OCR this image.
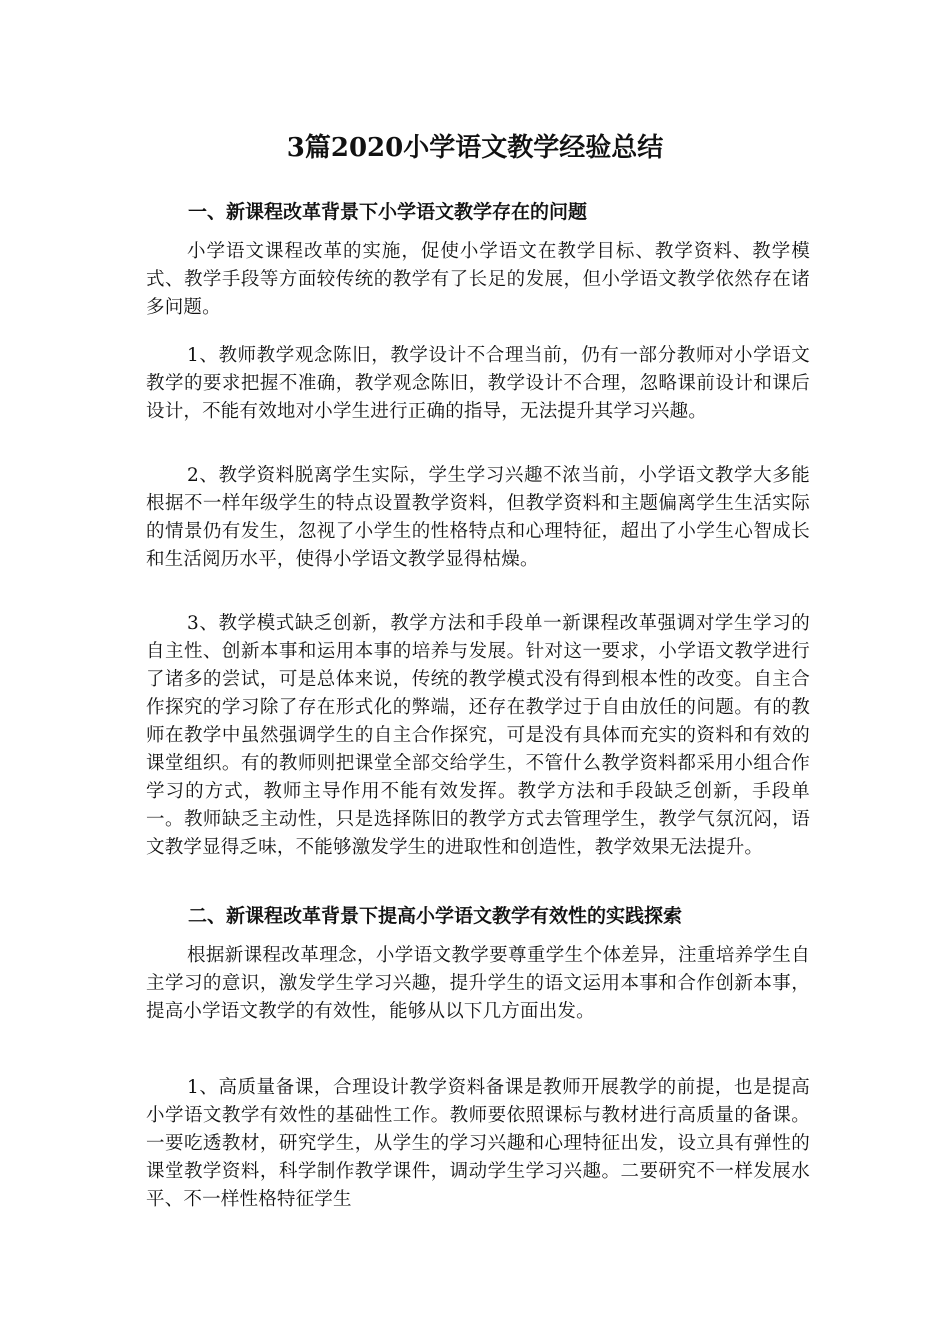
3篇2020小学语文教学经验总结
一、新课程改革背景下小学语文教学存在的问题

小学语文课程改革的实施，促使小学语文在教学目标、教学资料、教学模式、教学手段等方面较传统的教学有了长足的发展，但小学语文教学依然存在诸多问题。

1、教师教学观念陈旧，教学设计不合理当前，仍有一部分教师对小学语文教学的要求把握不准确，教学观念陈旧，教学设计不合理，忽略课前设计和课后设计，不能有效地对小学生进行正确的指导，无法提升其学习兴趣。

2、教学资料脱离学生实际，学生学习兴趣不浓当前，小学语文教学大多能根据不一样年级学生的特点设置教学资料，但教学资料和主题偏离学生生活实际的情景仍有发生，忽视了小学生的性格特点和心理特征，超出了小学生心智成长和生活阅历水平，使得小学语文教学显得枯燥。

3、教学模式缺乏创新，教学方法和手段单一新课程改革强调对学生学习的自主性、创新本事和运用本事的培养与发展。针对这一要求，小学语文教学进行了诸多的尝试，可是总体来说，传统的教学模式没有得到根本性的改变。自主合作探究的学习除了存在形式化的弊端，还存在教学过于自由放任的问题。有的教师在教学中虽然强调学生的自主合作探究，可是没有具体而充实的资料和有效的课堂组织。有的教师则把课堂全部交给学生，不管什么教学资料都采用小组合作学习的方式，教师主导作用不能有效发挥。教学方法和手段缺乏创新，手段单一。教师缺乏主动性，只是选择陈旧的教学方式去管理学生，教学气氛沉闷，语文教学显得乏味，不能够激发学生的进取性和创造性，教学效果无法提升。

二、新课程改革背景下提高小学语文教学有效性的实践探索

根据新课程改革理念，小学语文教学要尊重学生个体差异，注重培养学生自主学习的意识，激发学生学习兴趣，提升学生的语文运用本事和合作创新本事，提高小学语文教学的有效性，能够从以下几方面出发。

1、高质量备课，合理设计教学资料备课是教师开展教学的前提，也是提高小学语文教学有效性的基础性工作。教师要依照课标与教材进行高质量的备课。一要吃透教材，研究学生，从学生的学习兴趣和心理特征出发，设立具有弹性的课堂教学资料，科学制作教学课件，调动学生学习兴趣。二要研究不一样发展水平、不一样性格特征学生
